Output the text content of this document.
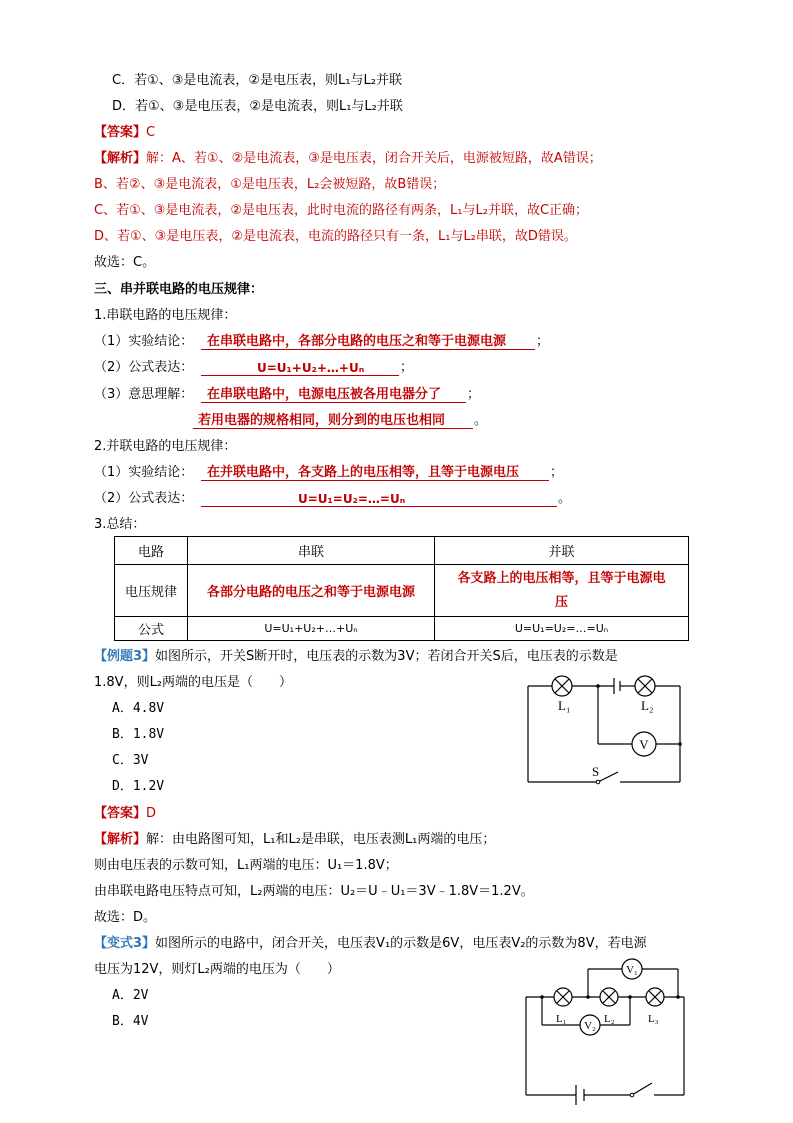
C．若①、③是电流表，②是电压表，则L₁与L₂并联
D．若①、③是电压表，②是电流表，则L₁与L₂并联
【答案】C
【解析】解：A、若①、②是电流表，③是电压表，闭合开关后，电源被短路，故A错误；
B、若②、③是电流表，①是电压表，L₂会被短路，故B错误；
C、若①、③是电流表，②是电压表，此时电流的路径有两条，L₁与L₂并联，故C正确；
D、若①、③是电压表，②是电流表，电流的路径只有一条，L₁与L₂串联，故D错误。
故选：C。
三、串并联电路的电压规律：
1.串联电路的电压规律：
（1）实验结论： 在串联电路中，各部分电路的电压之和等于电源电源 ；
（2）公式表达：	U=U₁+U₂+…+Uₙ	；
（3）意思理解： 在串联电路中，电源电压被各用电器分了 ；
若用电器的规格相同，则分到的电压也相同 。
2.并联电路的电压规律：
（1）实验结论： 在并联电路中，各支路上的电压相等，且等于电源电压 ；
（2）公式表达：	U=U₁=U₂=…=Uₙ	。
3.总结：
电路	串联	并联
电压规律	各部分电路的电压之和等于电源电源	各支路上的电压相等，且等于电源电
压
公式	U=U₁+U₂+…+Uₙ	U=U₁=U₂=…=Uₙ
【例题3】如图所示，开关S断开时，电压表的示数为3V；若闭合开关S后，电压表的示数是
1.8V，则L₂两端的电压是（　　）
A．4.8V
B．1.8V
C．3V
D．1.2V
【答案】D
【解析】解：由电路图可知，L₁和L₂是串联，电压表测L₁两端的电压；
则由电压表的示数可知，L₁两端的电压：U₁＝1.8V；
由串联电路电压特点可知，L₂两端的电压：U₂＝U﹣U₁＝3V﹣1.8V＝1.2V。
故选：D。
V
L₁	L₂
S
【变式3】如图所示的电路中，闭合开关，电压表V₁的示数是6V，电压表V₂的示数为8V，若电源
电压为12V，则灯L₂两端的电压为（　　）
A．2V
B．4V
V₁
V₂
L₁	L₂	L₃
